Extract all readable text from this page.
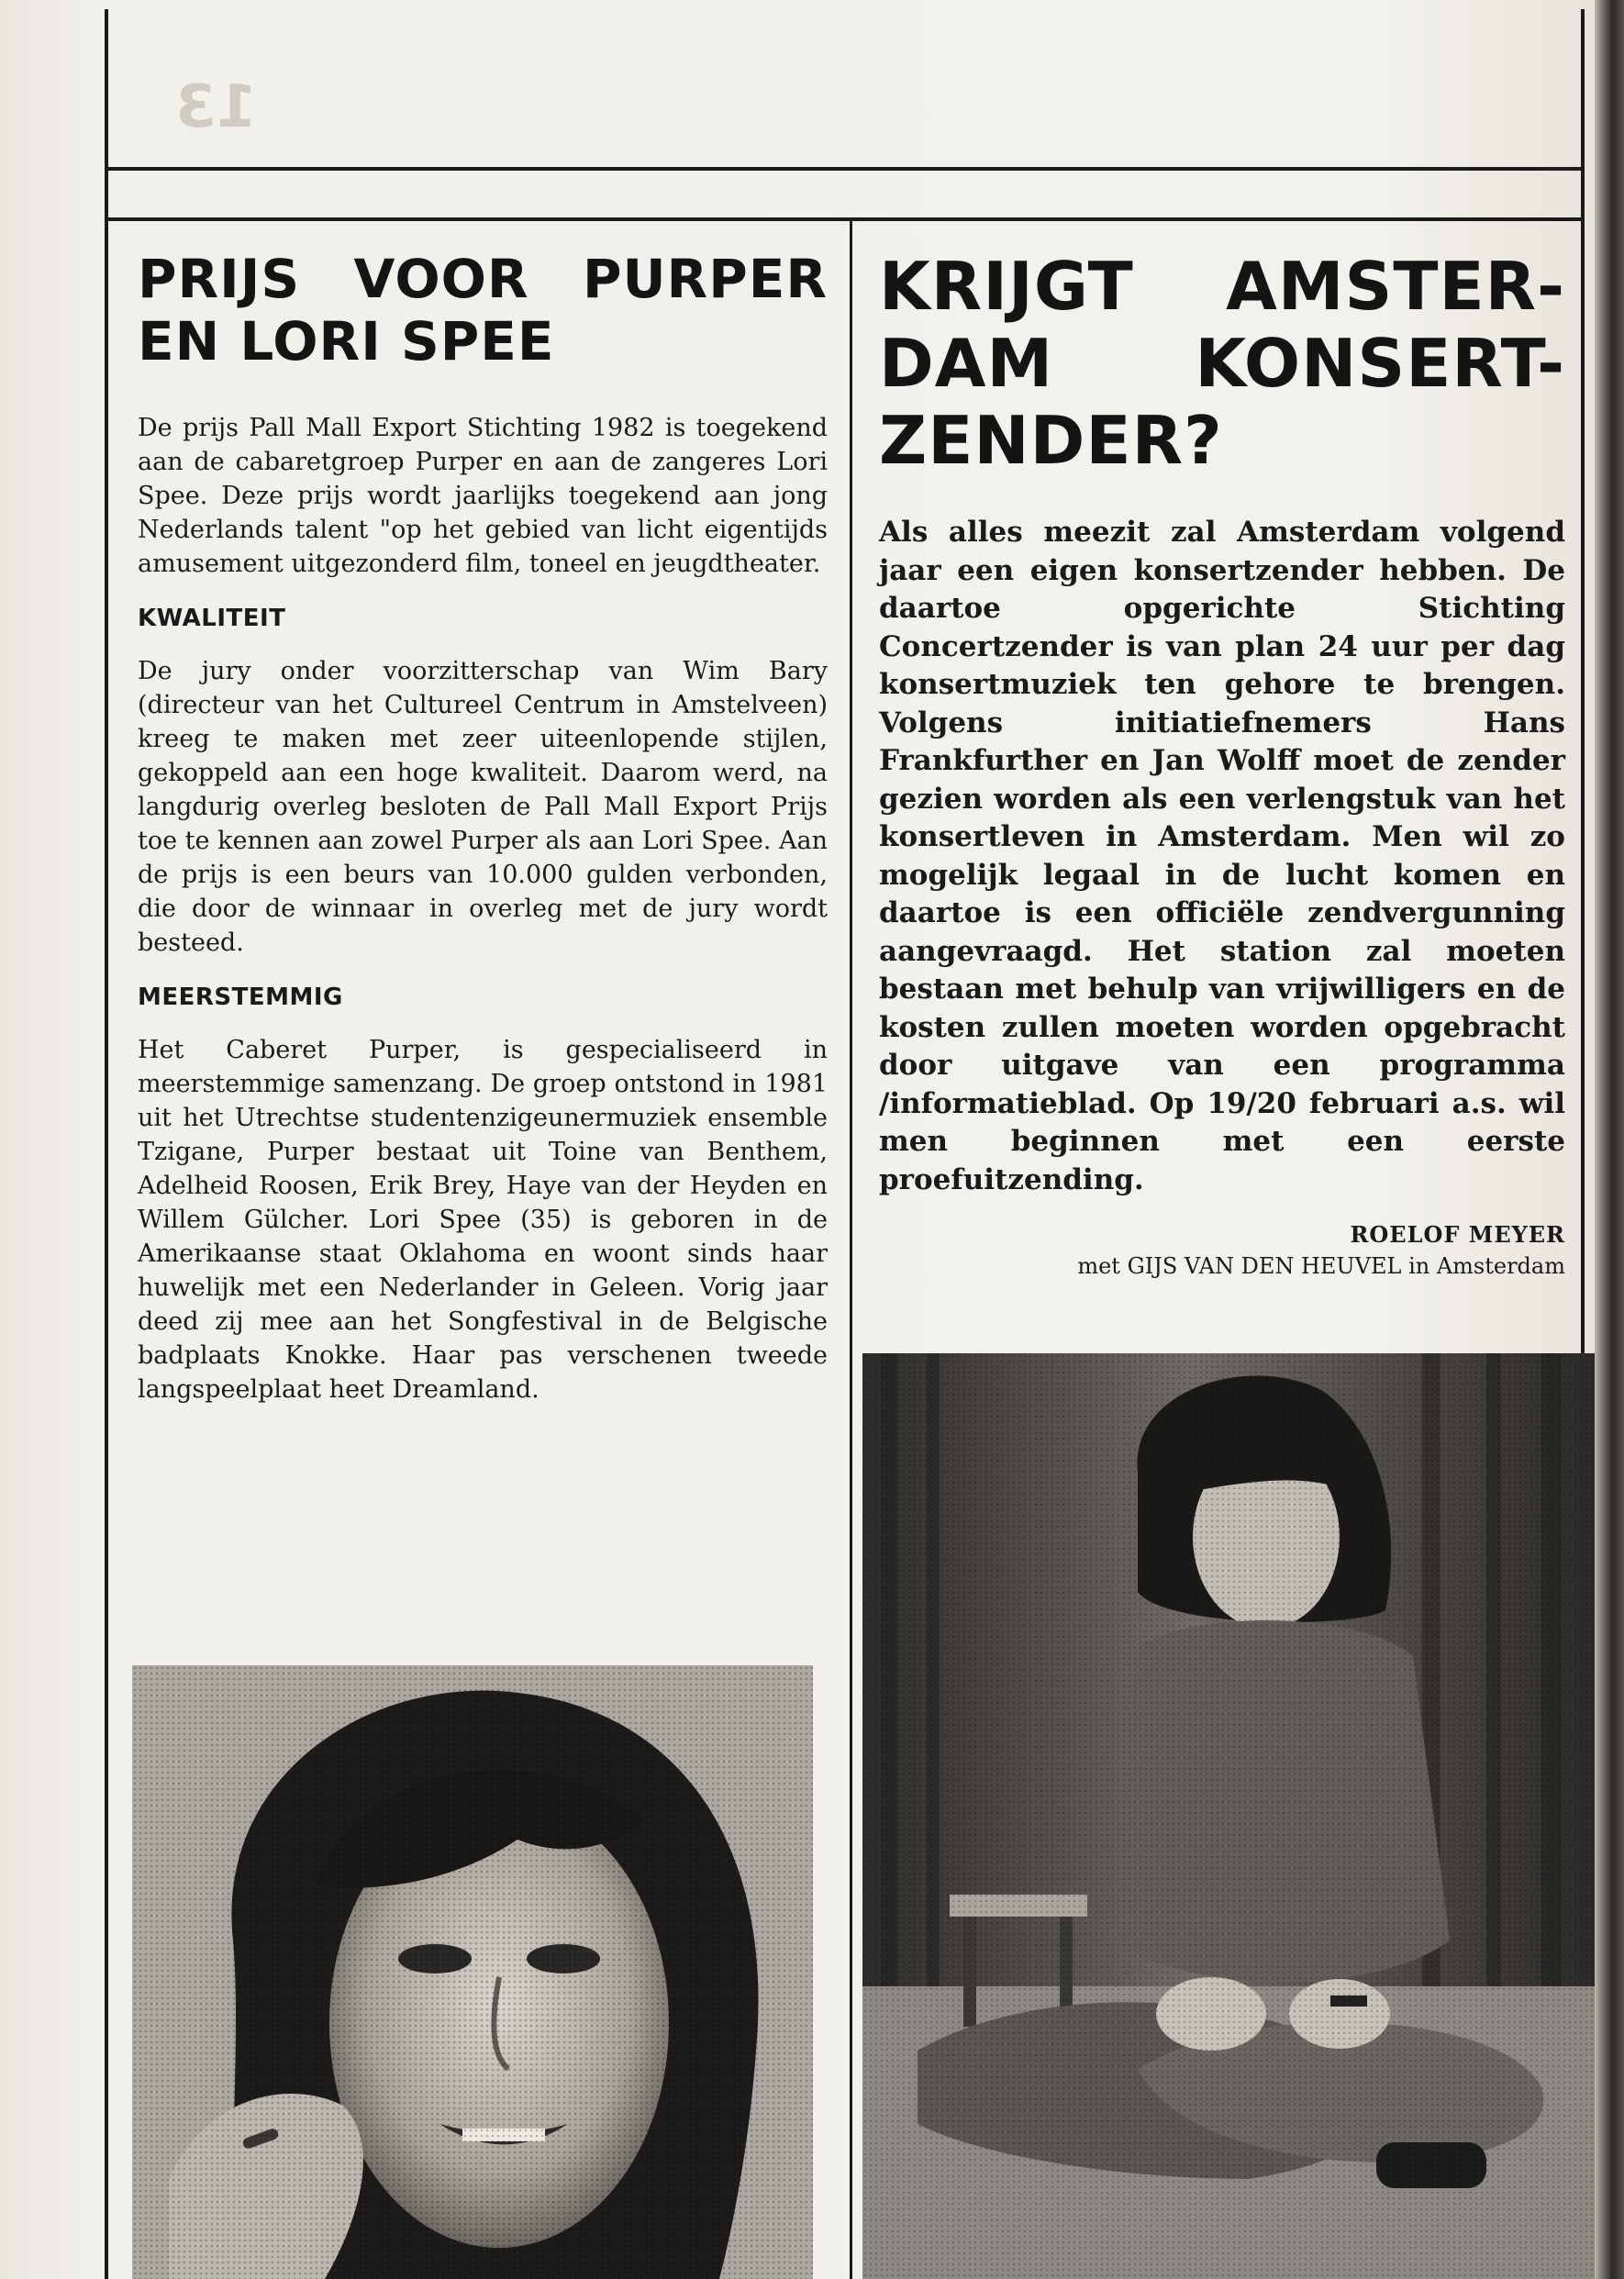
13
PRIJS VOOR PURPER
EN LORI SPEE

De prijs Pall Mall Export Stichting 1982 is toegekend aan de cabaretgroep Purper en aan de zangeres Lori Spee. Deze prijs wordt jaarlijks toegekend aan jong Nederlands talent "op het gebied van licht eigentijds amusement uitgezonderd film, toneel en jeugdtheater.

KWALITEIT

De jury onder voorzitterschap van Wim Bary (directeur van het Cultureel Centrum in Amstelveen) kreeg te maken met zeer uiteenlopende stijlen, gekoppeld aan een hoge kwaliteit. Daarom werd, na langdurig overleg besloten de Pall Mall Export Prijs toe te kennen aan zowel Purper als aan Lori Spee. Aan de prijs is een beurs van 10.000 gulden verbonden, die door de winnaar in overleg met de jury wordt besteed.

MEERSTEMMIG

Het Caberet Purper, is gespecialiseerd in meerstemmige samenzang. De groep ontstond in 1981 uit het Utrechtse studentenzigeunermuziek ensemble Tzigane, Purper bestaat uit Toine van Benthem, Adelheid Roosen, Erik Brey, Haye van der Heyden en Willem Gülcher. Lori Spee (35) is geboren in de Amerikaanse staat Oklahoma en woont sinds haar huwelijk met een Nederlander in Geleen. Vorig jaar deed zij mee aan het Songfestival in de Belgische badplaats Knokke. Haar pas verschenen tweede langspeelplaat heet Dreamland.

KRIJGT AMSTER-
DAM KONSERT-
ZENDER?

Als alles meezit zal Amsterdam volgend jaar een eigen konsertzender hebben. De daartoe opgerichte Stichting Concertzender is van plan 24 uur per dag konsertmuziek ten gehore te brengen. Volgens initiatiefnemers Hans Frankfurther en Jan Wolff moet de zender gezien worden als een verlengstuk van het konsertleven in Amsterdam. Men wil zo mogelijk legaal in de lucht komen en daartoe is een officiële zendvergunning aangevraagd. Het station zal moeten bestaan met behulp van vrijwilligers en de kosten zullen moeten worden opgebracht door uitgave van een programma /informatieblad. Op 19/20 februari a.s. wil men beginnen met een eerste proefuitzending.

ROELOF MEYER
met GIJS VAN DEN HEUVEL in Amsterdam
